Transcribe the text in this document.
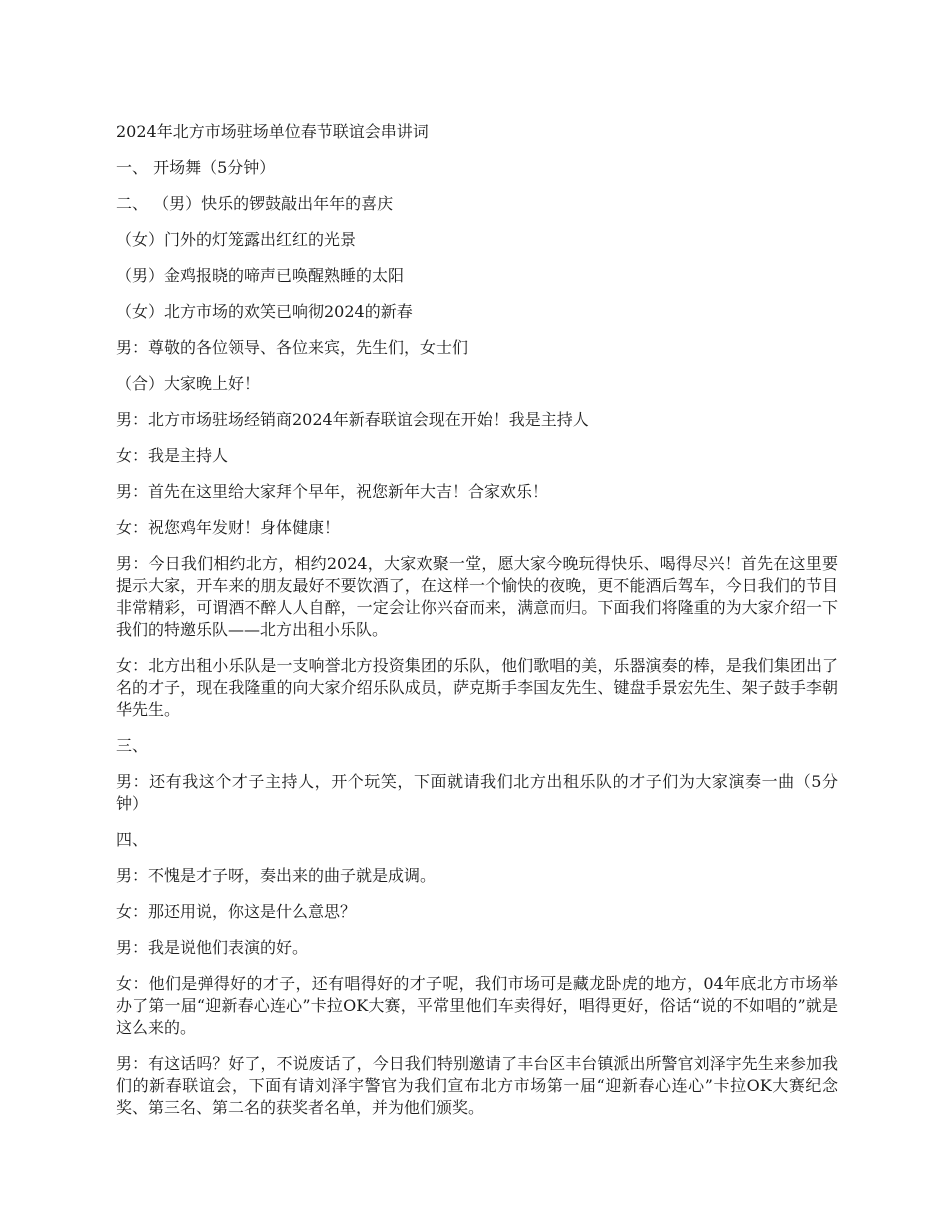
2024年北方市场驻场单位春节联谊会串讲词
一、 开场舞（5分钟）
二、 （男）快乐的锣鼓敲出年年的喜庆
（女）门外的灯笼露出红红的光景
（男）金鸡报晓的啼声已唤醒熟睡的太阳
（女）北方市场的欢笑已响彻2024的新春
男：尊敬的各位领导、各位来宾，先生们，女士们
（合）大家晚上好！
男：北方市场驻场经销商2024年新春联谊会现在开始！我是主持人
女：我是主持人
男：首先在这里给大家拜个早年，祝您新年大吉！合家欢乐！
女：祝您鸡年发财！身体健康！
男：今日我们相约北方，相约2024，大家欢聚一堂，愿大家今晚玩得快乐、喝得尽兴！首先在这里要提示大家，开车来的朋友最好不要饮酒了，在这样一个愉快的夜晚，更不能酒后驾车，今日我们的节目非常精彩，可谓酒不醉人人自醉，一定会让你兴奋而来，满意而归。下面我们将隆重的为大家介绍一下我们的特邀乐队——北方出租小乐队。
女：北方出租小乐队是一支响誉北方投资集团的乐队，他们歌唱的美，乐器演奏的棒，是我们集团出了名的才子，现在我隆重的向大家介绍乐队成员，萨克斯手李国友先生、键盘手景宏先生、架子鼓手李朝华先生。
三、
男：还有我这个才子主持人，开个玩笑，下面就请我们北方出租乐队的才子们为大家演奏一曲（5分钟）
四、
男：不愧是才子呀，奏出来的曲子就是成调。
女：那还用说，你这是什么意思？
男：我是说他们表演的好。
女：他们是弹得好的才子，还有唱得好的才子呢，我们市场可是藏龙卧虎的地方，04年底北方市场举办了第一届“迎新春心连心”卡拉OK大赛，平常里他们车卖得好，唱得更好，俗话“说的不如唱的”就是这么来的。
男：有这话吗？好了，不说废话了，今日我们特别邀请了丰台区丰台镇派出所警官刘泽宇先生来参加我们的新春联谊会，下面有请刘泽宇警官为我们宣布北方市场第一届“迎新春心连心”卡拉OK大赛纪念奖、第三名、第二名的获奖者名单，并为他们颁奖。
